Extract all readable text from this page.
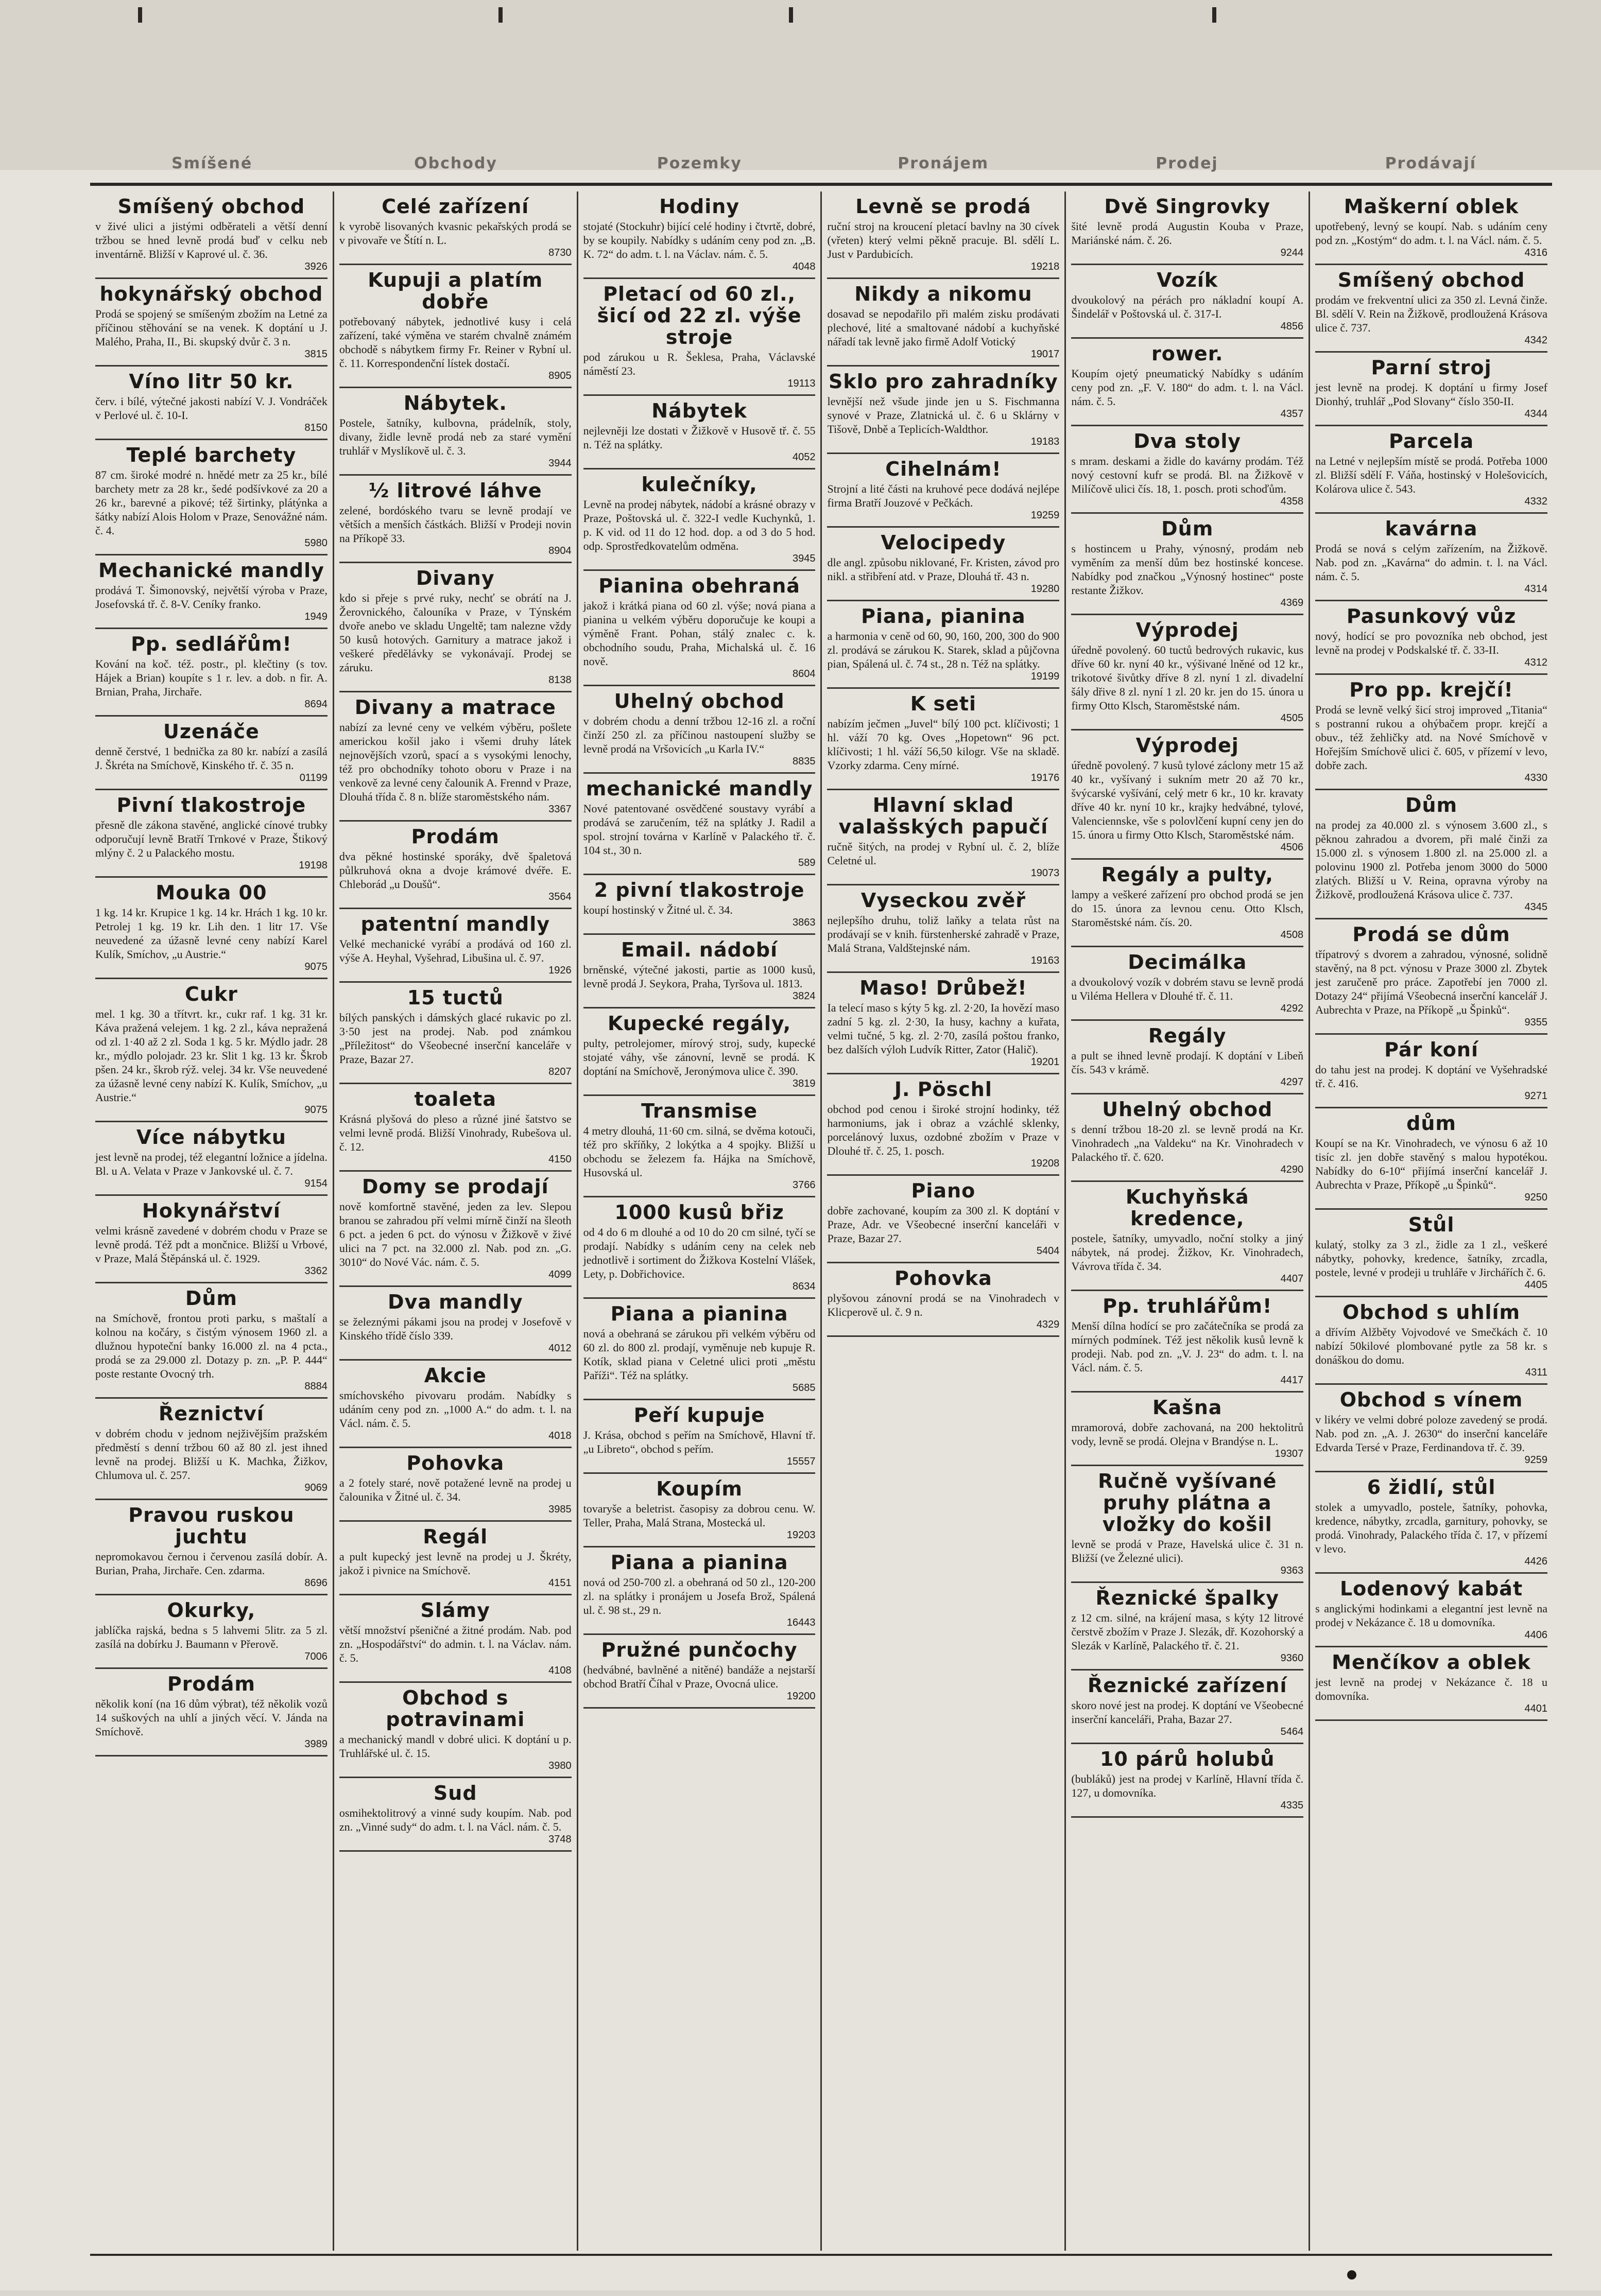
Smíšené	Obchody	Pozemky	Pronájem	Prodej	Prodávají
Smíšený obchod

v živé ulici a jistými odběrateli a větší denní tržbou se hned levně prodá buď v celku neb inventárně. Bližší v Kaprové ul. č. 36.

3926
hokynářský obchod

Prodá se spojený se smíšeným zbožím na Letné za příčinou stěhování se na venek. K doptání u J. Malého, Praha, II., Bi. skupský dvůr č. 3 n.

3815
Víno litr 50 kr.

červ. i bílé, výtečné jakosti nabízí V. J. Vondráček v Perlové ul. č. 10-I.

8150
Teplé barchety

87 cm. široké modré n. hnědé metr za 25 kr., bílé barchety metr za 28 kr., šedé podšívkové za 20 a 26 kr., barevné a pikové; též širtinky, plátýnka a šátky nabízí Alois Holom v Praze, Senovážné nám. č. 4.

5980
Mechanické mandly

prodává T. Šimonovský, největší výroba v Praze, Josefovská tř. č. 8-V. Ceníky franko.

1949
Pp. sedlářům!

Kování na koč. též. postr., pl. klečtiny (s tov. Hájek a Brian) koupíte s 1 r. lev. a dob. n fir. A. Brnian, Praha, Jirchaře.

8694
Uzenáče

denně čerstvé, 1 bednička za 80 kr. nabízí a zasílá J. Škréta na Smíchově, Kinského tř. č. 35 n.

01199
Pivní tlakostroje

přesně dle zákona stavěné, anglické cínové trubky odporučují levně Bratří Trnkové v Praze, Štikový mlýny č. 2 u Palackého mostu.

19198
Mouka 00

1 kg. 14 kr. Krupice 1 kg. 14 kr. Hrách 1 kg. 10 kr. Petrolej 1 kg. 19 kr. Lih den. 1 litr 17. Vše neuvedené za úžasně levné ceny nabízí Karel Kulík, Smíchov, „u Austrie.“

9075
Cukr

mel. 1 kg. 30 a třítvrt. kr., cukr raf. 1 kg. 31 kr. Káva pražená velejem. 1 kg. 2 zl., káva nepražená od zl. 1·40 až 2 zl. Soda 1 kg. 5 kr. Mýdlo jadr. 28 kr., mýdlo polojadr. 23 kr. Slit 1 kg. 13 kr. Škrob pšen. 24 kr., škrob rýž. velej. 34 kr. Vše neuvedené za úžasně levné ceny nabízí K. Kulík, Smíchov, „u Austrie.“

9075
Více nábytku

jest levně na prodej, též elegantní ložnice a jídelna. Bl. u A. Velata v Praze v Jankovské ul. č. 7.

9154
Hokynářství

velmi krásně zavedené v dobrém chodu v Praze se levně prodá. Též pdt a mončnice. Bližší u Vrbové, v Praze, Malá Štěpánská ul. č. 1929.

3362
Dům

na Smíchově, frontou proti parku, s maštalí a kolnou na kočáry, s čistým výnosem 1960 zl. a dlužnou hypoteční banky 16.000 zl. na 4 pcta., prodá se za 29.000 zl. Dotazy p. zn. „P. P. 444“ poste restante Ovocný trh.

8884
Řeznictví

v dobrém chodu v jednom nejživějším pražském předměstí s denní tržbou 60 až 80 zl. jest ihned levně na prodej. Bližší u K. Machka, Žižkov, Chlumova ul. č. 257.

9069
Pravou ruskou juchtu

nepromokavou černou i červenou zasílá dobír. A. Burian, Praha, Jirchaře. Cen. zdarma.

8696
Okurky,

jablíčka rajská, bedna s 5 lahvemi 5litr. za 5 zl. zasílá na dobírku J. Baumann v Přerově.

7006
Prodám

několik koní (na 16 dům výbrat), též několik vozů 14 suškových na uhlí a jiných věcí. V. Jánda na Smíchově.

3989
Celé zařízení

k vyrobě lisovaných kvasnic pekařských prodá se v pivovaře ve Štítí n. L.

8730
Kupuji a platím dobře

potřebovaný nábytek, jednotlivé kusy i celá zařízení, také výměna ve starém chvalně známém obchodě s nábytkem firmy Fr. Reiner v Rybní ul. č. 11. Korrespondenční lístek dostačí.

8905
Nábytek.

Postele, šatníky, kulbovna, prádelník, stoly, divany, židle levně prodá neb za staré vymění truhlář v Myslíkově ul. č. 3.

3944
½ litrové láhve

zelené, bordóského tvaru se levně prodají ve větších a menších částkách. Bližší v Prodeji novin na Příkopě 33.

8904
Divany

kdo si přeje s prvé ruky, nechť se obrátí na J. Žerovnického, čalouníka v Praze, v Týnském dvoře anebo ve skladu Ungeltě; tam nalezne vždy 50 kusů hotových. Garnitury a matrace jakož i veškeré předělávky se vykonávají. Prodej se záruku.

8138
Divany a matrace

nabízí za levné ceny ve velkém výběru, pošlete americkou košil jako i všemi druhy látek nejnovějších vzorů, spací a s vysokými lenochy, též pro obchodníky tohoto oboru v Praze i na venkově za levné ceny čalounik A. Frennd v Praze, Dlouhá třída č. 8 n. blíže staroměstského nám.

3367
Prodám

dva pěkné hostinské sporáky, dvě špaletová půlkruhová okna a dvoje krámové dvéře. E. Chleborád „u Doušů“.

3564
patentní mandly

Velké mechanické vyrábí a prodává od 160 zl. výše A. Heyhal, Vyšehrad, Libušina ul. č. 97.

1926
15 tuctů

bílých panských i dámských glacé rukavic po zl. 3·50 jest na prodej. Nab. pod známkou „Příležitost“ do Všeobecné inserční kanceláře v Praze, Bazar 27.

8207
toaleta

Krásná plyšová do pleso a různé jiné šatstvo se velmi levně prodá. Bližší Vinohrady, Rubešova ul. č. 12.

4150
Domy se prodají

nově komfortně stavěné, jeden za lev. Slepou branou se zahradou pří velmi mírně činží na šleoth 6 pct. a jeden 6 pct. do výnosu v Žižkově v živé ulici na 7 pct. na 32.000 zl. Nab. pod zn. „G. 3010“ do Nové Vác. nám. č. 5.

4099
Dva mandly

se železnými pákami jsou na prodej v Josefově v Kinského třídě číslo 339.

4012
Akcie

smíchovského pivovaru prodám. Nabídky s udáním ceny pod zn. „1000 A.“ do adm. t. l. na Václ. nám. č. 5.

4018
Pohovka

a 2 fotely staré, nově potažené levně na prodej u čalounika v Žitné ul. č. 34.

3985
Regál

a pult kupecký jest levně na prodej u J. Škréty, jakož i pivnice na Smíchově.

4151
Slámy

větší množství pšeničné a žitné prodám. Nab. pod zn. „Hospodářství“ do admin. t. l. na Václav. nám. č. 5.

4108
Obchod s potravinami

a mechanický mandl v dobré ulici. K doptání u p. Truhlářské ul. č. 15.

3980
Sud

osmihektolitrový a vinné sudy koupím. Nab. pod zn. „Vinné sudy“ do adm. t. l. na Václ. nám. č. 5.

3748
Hodiny

stojaté (Stockuhr) bijící celé hodiny i čtvrtě, dobré, by se koupily. Nabídky s udáním ceny pod zn. „B. K. 72“ do adm. t. l. na Václav. nám. č. 5.

4048
Pletací od 60 zl., šicí od 22 zl. výše stroje

pod zárukou u R. Šeklesa, Praha, Václavské náměstí 23.

19113
Nábytek

nejlevněji lze dostati v Žižkově v Husově tř. č. 55 n. Též na splátky.

4052
kulečníky,

Levně na prodej nábytek, nádobí a krásné obrazy v Praze, Poštovská ul. č. 322-I vedle Kuchynků, 1. p. K vid. od 11 do 12 hod. dop. a od 3 do 5 hod. odp. Sprostředkovatelům odměna.

3945
Pianina obehraná

jakož i krátká piana od 60 zl. výše; nová piana a pianina u velkém výběru doporučuje ke koupi a výměně Frant. Pohan, stálý znalec c. k. obchodního soudu, Praha, Michalská ul. č. 16 nově.

8604
Uhelný obchod

v dobrém chodu a denní tržbou 12-16 zl. a roční činží 250 zl. za příčinou nastoupení služby se levně prodá na Vršovicích „u Karla IV.“

8835
mechanické mandly

Nové patentované osvědčené soustavy vyrábí a prodává se zaručením, též na splátky J. Radil a spol. strojní továrna v Karlíně v Palackého tř. č. 104 st., 30 n.

589
2 pivní tlakostroje

koupí hostinský v Žitné ul. č. 34.

3863
Email. nádobí

brněnské, výtečné jakosti, partie as 1000 kusů, levně prodá J. Seykora, Praha, Tyršova ul. 1813.

3824
Kupecké regály,

pulty, petrolejomer, mírový stroj, sudy, kupecké stojaté váhy, vše zánovní, levně se prodá. K doptání na Smíchově, Jeronýmova ulice č. 390.

3819
Transmise

4 metry dlouhá, 11·60 cm. silná, se dvěma kotouči, též pro skříňky, 2 lokýtka a 4 spojky. Bližší u obchodu se železem fa. Hájka na Smíchově, Husovská ul.

3766
1000 kusů břiz

od 4 do 6 m dlouhé a od 10 do 20 cm silné, tyčí se prodají. Nabídky s udáním ceny na celek neb jednotlivě i sortiment do Žižkova Kostelní Vlášek, Lety, p. Dobřichovice.

8634
Piana a pianina

nová a obehraná se zárukou při velkém výběru od 60 zl. do 800 zl. prodají, vyměnuje neb kupuje R. Kotík, sklad piana v Celetné ulici proti „městu Paříži“. Též na splátky.

5685
Peří kupuje

J. Krása, obchod s peřím na Smíchově, Hlavní tř. „u Libreto“, obchod s peřím.

15557
Koupím

tovaryše a beletrist. časopisy za dobrou cenu. W. Teller, Praha, Malá Strana, Mostecká ul.

19203
Piana a pianina

nová od 250-700 zl. a obehraná od 50 zl., 120-200 zl. na splátky i pronájem u Josefa Brož, Spálená ul. č. 98 st., 29 n.

16443
Pružné punčochy

(hedvábné, bavlněné a nitěné) bandáže a nejstarší obchod Bratří Číhal v Praze, Ovocná ulice.

19200
Levně se prodá

ruční stroj na kroucení pletací bavlny na 30 cívek (vřeten) který velmi pěkně pracuje. Bl. sdělí L. Just v Pardubicích.

19218
Nikdy a nikomu

dosavad se nepodařilo při malém zisku prodávati plechové, lité a smaltované nádobí a kuchyňské nářadí tak levně jako firmě Adolf Votický

19017
Sklo pro zahradníky

levnější než všude jinde jen u S. Fischmanna synové v Praze, Zlatnická ul. č. 6 u Sklárny v Tišově, Dnbě a Teplicích-Waldthor.

19183
Cihelnám!

Strojní a lité části na kruhové pece dodává nejlépe firma Bratří Jouzové v Pečkách.

19259
Velocipedy

dle angl. způsobu niklované, Fr. Kristen, závod pro nikl. a střibření atd. v Praze, Dlouhá tř. 43 n.

19280
Piana, pianina

a harmonia v ceně od 60, 90, 160, 200, 300 do 900 zl. prodává se zárukou K. Starek, sklad a půjčovna pian, Spálená ul. č. 74 st., 28 n. Též na splátky.

19199
K seti

nabízím ječmen „Juvel“ bílý 100 pct. klíčivosti; 1 hl. váží 70 kg. Oves „Hopetown“ 96 pct. klíčivosti; 1 hl. váží 56,50 kilogr. Vše na skladě. Vzorky zdarma. Ceny mírné.

19176
Hlavní sklad valašských papučí

ručně šitých, na prodej v Rybní ul. č. 2, blíže Celetné ul.

19073
Vyseckou zvěř

nejlepšího druhu, toliž laňky a telata růst na prodávají se v knih. fürstenherské zahradě v Praze, Malá Strana, Valdštejnské nám.

19163
Maso! Drůbež!

Ia telecí maso s kýty 5 kg. zl. 2·20, Ia hovězí maso zadní 5 kg. zl. 2·30, Ia husy, kachny a kuřata, velmi tučné, 5 kg. zl. 2·70, zasílá poštou franko, bez dalších výloh Ludvík Ritter, Zator (Halič).

19201
J. Pöschl

obchod pod cenou i široké strojní hodinky, též harmoniums, jak i obraz a vzáchlé sklenky, porcelánový luxus, ozdobné zbožím v Praze v Dlouhé tř. č. 25, 1. posch.

19208
Piano

dobře zachované, koupím za 300 zl. K doptání v Praze, Adr. ve Všeobecné inserční kanceláři v Praze, Bazar 27.

5404
Pohovka

plyšovou zánovní prodá se na Vinohradech v Klicperově ul. č. 9 n.

4329
Dvě Singrovky

šité levně prodá Augustin Kouba v Praze, Mariánské nám. č. 26.

9244
Vozík

dvoukolový na pérách pro nákladní koupí A. Šindelář v Poštovská ul. č. 317-I.

4856
rower.

Koupím ojetý pneumatický Nabídky s udáním ceny pod zn. „F. V. 180“ do adm. t. l. na Václ. nám. č. 5.

4357
Dva stoly

s mram. deskami a židle do kavárny prodám. Též nový cestovní kufr se prodá. Bl. na Žižkově v Milíčově ulici čís. 18, 1. posch. proti schoďům.

4358
Dům

s hostincem u Prahy, výnosný, prodám neb vyměním za menší dům bez hostinské koncese. Nabídky pod značkou „Výnosný hostinec“ poste restante Žižkov.

4369
Výprodej

úředně povolený. 60 tuctů bedrových rukavic, kus dříve 60 kr. nyní 40 kr., výšivané lněné od 12 kr., trikotové šivůtky dříve 8 zl. nyní 1 zl. divadelní šály dřive 8 zl. nyní 1 zl. 20 kr. jen do 15. února u firmy Otto Klsch, Staroměstské nám.

4505
Výprodej

úředně povolený. 7 kusů tylové záclony metr 15 až 40 kr., vyšívaný i sukním metr 20 až 70 kr., švýcarské vyšívání, celý metr 6 kr., 10 kr. kravaty dříve 40 kr. nyní 10 kr., krajky hedvábné, tylové, Valenciennske, vše s polovlčení kupní ceny jen do 15. února u firmy Otto Klsch, Staroměstské nám.

4506
Regály a pulty,

lampy a veškeré zařízení pro obchod prodá se jen do 15. února za levnou cenu. Otto Klsch, Staroměstské nám. čís. 20.

4508
Decimálka

a dvoukolový vozík v dobrém stavu se levně prodá u Viléma Hellera v Dlouhé tř. č. 11.

4292
Regály

a pult se ihned levně prodají. K doptání v Libeň čís. 543 v krámě.

4297
Uhelný obchod

s denní tržbou 18-20 zl. se levně prodá na Kr. Vinohradech „na Valdeku“ na Kr. Vinohradech v Palackého tř. č. 620.

4290
Kuchyňská kredence,

postele, šatníky, umyvadlo, noční stolky a jiný nábytek, ná prodej. Žižkov, Kr. Vinohradech, Vávrova třída č. 34.

4407
Pp. truhlářům!

Menší dílna hodící se pro začátečníka se prodá za mírných podmínek. Též jest několik kusů levně k prodeji. Nab. pod zn. „V. J. 23“ do adm. t. l. na Václ. nám. č. 5.

4417
Kašna

mramorová, dobře zachovaná, na 200 hektolitrů vody, levně se prodá. Olejna v Brandýse n. L.

19307
Ručně vyšívané pruhy plátna a vložky do košil

levně se prodá v Praze, Havelská ulice č. 31 n. Bližší (ve Železné ulici).

9363
Řeznické špalky

z 12 cm. silné, na krájení masa, s kýty 12 litrové čerstvě zbožím v Praze J. Slezák, dř. Kozohorský a Slezák v Karlíně, Palackého tř. č. 21.

9360
Řeznické zařízení

skoro nové jest na prodej. K doptání ve Všeobecné inserční kanceláři, Praha, Bazar 27.

5464
10 párů holubů

(bubláků) jest na prodej v Karlíně, Hlavní třída č. 127, u domovníka.

4335
Maškerní oblek

upotřebený, levný se koupí. Nab. s udáním ceny pod zn. „Kostým“ do adm. t. l. na Václ. nám. č. 5.

4316
Smíšený obchod

prodám ve frekventní ulici za 350 zl. Levná činže. Bl. sdělí V. Rein na Žižkově, prodloužená Krásova ulice č. 737.

4342
Parní stroj

jest levně na prodej. K doptání u firmy Josef Dionhý, truhlář „Pod Slovany“ číslo 350-II.

4344
Parcela

na Letné v nejlepším místě se prodá. Potřeba 1000 zl. Bližší sdělí F. Váňa, hostinský v Holešovicích, Kolárova ulice č. 543.

4332
kavárna

Prodá se nová s celým zařízením, na Žižkově. Nab. pod zn. „Kavárna“ do admin. t. l. na Václ. nám. č. 5.

4314
Pasunkový vůz

nový, hodící se pro povozníka neb obchod, jest levně na prodej v Podskalské tř. č. 33-II.

4312
Pro pp. krejčí!

Prodá se levně velký šicí stroj improved „Titania“ s postranní rukou a ohýbačem propr. krejčí a obuv., též žehličky atd. na Nové Smíchově v Hořejším Smíchově ulici č. 605, v přízemí v levo, dobře zach.

4330
Dům

na prodej za 40.000 zl. s výnosem 3.600 zl., s pěknou zahradou a dvorem, při malé činži za 15.000 zl. s výnosem 1.800 zl. na 25.000 zl. a polovinu 1900 zl. Potřeba jenom 3000 do 5000 zlatých. Bližší u V. Reina, opravna výroby na Žižkově, prodloužená Krásova ulice č. 737.

4345
Prodá se dům

třípatrový s dvorem a zahradou, výnosné, solidně stavěný, na 8 pct. výnosu v Praze 3000 zl. Zbytek jest zaručeně pro práce. Zapotřebí jen 7000 zl. Dotazy 24“ přijímá Všeobecná inserční kancelář J. Aubrechta v Praze, na Příkopě „u Špinků“.

9355
Pár koní

do tahu jest na prodej. K doptání ve Vyšehradské tř. č. 416.

9271
dům

Koupí se na Kr. Vinohradech, ve výnosu 6 až 10 tisíc zl. jen dobře stavěný s malou hypotékou. Nabídky do 6-10“ přijímá inserční kancelář J. Aubrechta v Praze, Příkopě „u Špinků“.

9250
Stůl

kulatý, stolky za 3 zl., židle za 1 zl., veškeré nábytky, pohovky, kredence, šatníky, zrcadla, postele, levné v prodeji u truhláře v Jirchářích č. 6.

4405
Obchod s uhlím

a dřívím Alžběty Vojvodové ve Smečkách č. 10 nabízí 50kilové plombované pytle za 58 kr. s donáškou do domu.

4311
Obchod s vínem

v likéry ve velmi dobré poloze zavedený se prodá. Nab. pod zn. „A. J. 2630“ do inserční kanceláře Edvarda Tersé v Praze, Ferdinandova tř. č. 39.

9259
6 židlí, stůl

stolek a umyvadlo, postele, šatníky, pohovka, kredence, nábytky, zrcadla, garnitury, pohovky, se prodá. Vinohrady, Palackého třída č. 17, v přízemí v levo.

4426
Lodenový kabát

s anglickými hodinkami a elegantní jest levně na prodej v Nekázance č. 18 u domovníka.

4406
Menčíkov a oblek

jest levně na prodej v Nekázance č. 18 u domovníka.

4401
